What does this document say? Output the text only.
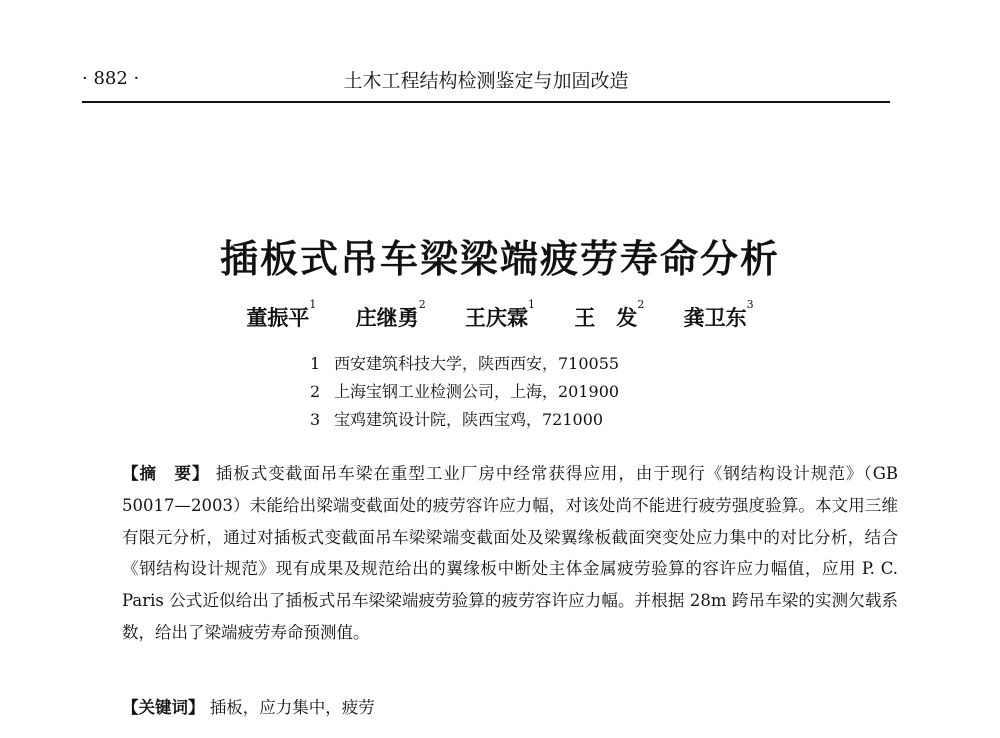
· 882 ·	土木工程结构检测鉴定与加固改造
插板式吊车梁梁端疲劳寿命分析
董振平$^1$ 庄继勇$^2$ 王庆霖$^1$ 王　发$^2$ 龚卫东$^3$
1 西安建筑科技大学，陕西西安，710055
2 上海宝钢工业检测公司，上海，201900
3 宝鸡建筑设计院，陕西宝鸡，721000
【摘　要】 插板式变截面吊车梁在重型工业厂房中经常获得应用，由于现行《钢结构设计规范》（GB 50017—2003）未能给出梁端变截面处的疲劳容许应力幅，对该处尚不能进行疲劳强度验算。本文用三维有限元分析，通过对插板式变截面吊车梁梁端变截面处及梁翼缘板截面突变处应力集中的对比分析，结合《钢结构设计规范》现有成果及规范给出的翼缘板中断处主体金属疲劳验算的容许应力幅值，应用 P. C. Paris 公式近似给出了插板式吊车梁梁端疲劳验算的疲劳容许应力幅。并根据 28m 跨吊车梁的实测欠载系数，给出了梁端疲劳寿命预测值。
【关键词】 插板，应力集中，疲劳
